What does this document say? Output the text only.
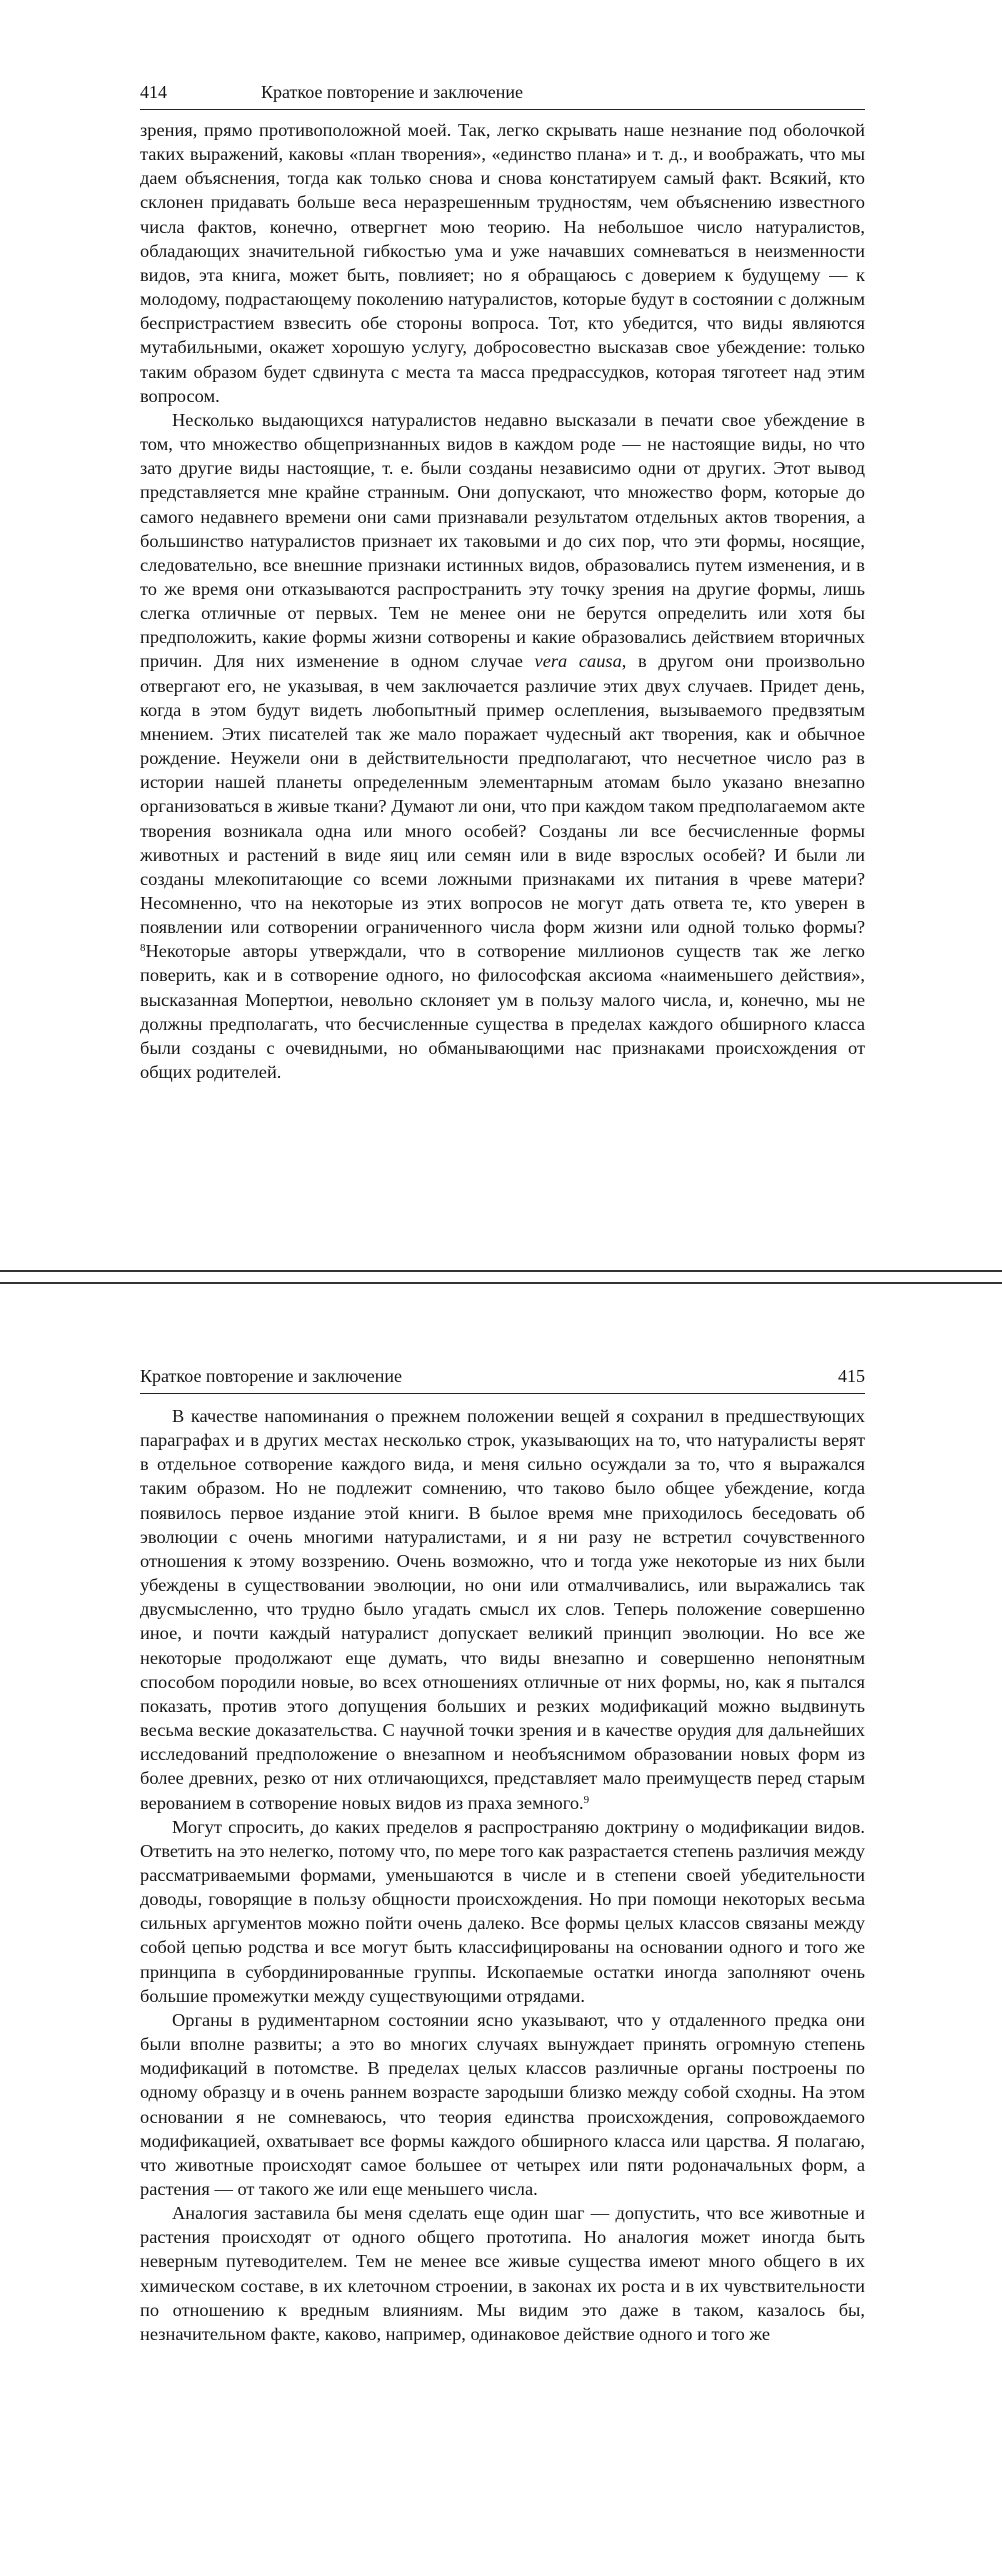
414	Краткое повторение и заключение

зрения, прямо противоположной моей. Так, легко скрывать наше незнание под оболочкой таких выражений, каковы «план творения», «единство плана» и т. д., и воображать, что мы даем объяснения, тогда как только снова и снова констатируем самый факт. Всякий, кто склонен придавать больше веса неразрешенным трудностям, чем объяснению известного числа фактов, конечно, отвергнет мою теорию. На небольшое число натуралистов, обладающих значительной гибкостью ума и уже начавших сомневаться в неизменности видов, эта книга, может быть, повлияет; но я обращаюсь с доверием к будущему — к молодому, подрастающему поколению натуралистов, которые будут в состоянии с должным беспристрастием взвесить обе стороны вопроса. Тот, кто убедится, что виды являются мутабильными, окажет хорошую услугу, добросовестно высказав свое убеждение: только таким образом будет сдвинута с места та масса предрассудков, которая тяготеет над этим вопросом.

Несколько выдающихся натуралистов недавно высказали в печати свое убеждение в том, что множество общепризнанных видов в каждом роде — не настоящие виды, но что зато другие виды настоящие, т. е. были созданы независимо одни от других. Этот вывод представляется мне крайне странным. Они допускают, что множество форм, которые до самого недавнего времени они сами признавали результатом отдельных актов творения, а большинство натуралистов признает их таковыми и до сих пор, что эти формы, носящие, следовательно, все внешние признаки истинных видов, образовались путем изменения, и в то же время они отказываются распространить эту точку зрения на другие формы, лишь слегка отличные от первых. Тем не менее они не берутся определить или хотя бы предположить, какие формы жизни сотворены и какие образовались действием вторичных причин. Для них изменение в одном случае vera causa, в другом они произвольно отвергают его, не указывая, в чем заключается различие этих двух случаев. Придет день, когда в этом будут видеть любопытный пример ослепления, вызываемого предвзятым мнением. Этих писателей так же мало поражает чудесный акт творения, как и обычное рождение. Неужели они в действительности предполагают, что несчетное число раз в истории нашей планеты определенным элементарным атомам было указано внезапно организоваться в живые ткани? Думают ли они, что при каждом таком предполагаемом акте творения возникала одна или много особей? Созданы ли все бесчисленные формы животных и растений в виде яиц или семян или в виде взрослых особей? И были ли созданы млекопитающие со всеми ложными признаками их питания в чреве матери? Несомненно, что на некоторые из этих вопросов не могут дать ответа те, кто уверен в появлении или сотворении ограниченного числа форм жизни или одной только формы? $^8$Некоторые авторы утверждали, что в сотворение миллионов существ так же легко поверить, как и в сотворение одного, но философская аксиома «наименьшего действия», высказанная Мопертюи, невольно склоняет ум в пользу малого числа, и, конечно, мы не должны предполагать, что бесчисленные существа в пределах каждого обширного класса были созданы с очевидными, но обманывающими нас признаками происхождения от общих родителей.

Краткое повторение и заключение	415

В качестве напоминания о прежнем положении вещей я сохранил в предшествующих параграфах и в других местах несколько строк, указывающих на то, что натуралисты верят в отдельное сотворение каждого вида, и меня сильно осуждали за то, что я выражался таким образом. Но не подлежит сомнению, что таково было общее убеждение, когда появилось первое издание этой книги. В былое время мне приходилось беседовать об эволюции с очень многими натуралистами, и я ни разу не встретил сочувственного отношения к этому воззрению. Очень возможно, что и тогда уже некоторые из них были убеждены в существовании эволюции, но они или отмалчивались, или выражались так двусмысленно, что трудно было угадать смысл их слов. Теперь положение совершенно иное, и почти каждый натуралист допускает великий принцип эволюции. Но все же некоторые продолжают еще думать, что виды внезапно и совершенно непонятным способом породили новые, во всех отношениях отличные от них формы, но, как я пытался показать, против этого допущения больших и резких модификаций можно выдвинуть весьма веские доказательства. С научной точки зрения и в качестве орудия для дальнейших исследований предположение о внезапном и необъяснимом образовании новых форм из более древних, резко от них отличающихся, представляет мало преимуществ перед старым верованием в сотворение новых видов из праха земного.$^9$

Могут спросить, до каких пределов я распространяю доктрину о модификации видов. Ответить на это нелегко, потому что, по мере того как разрастается степень различия между рассматриваемыми формами, уменьшаются в числе и в степени своей убедительности доводы, говорящие в пользу общности происхождения. Но при помощи некоторых весьма сильных аргументов можно пойти очень далеко. Все формы целых классов связаны между собой цепью родства и все могут быть классифицированы на основании одного и того же принципа в субординированные группы. Ископаемые остатки иногда заполняют очень большие промежутки между существующими отрядами.

Органы в рудиментарном состоянии ясно указывают, что у отдаленного предка они были вполне развиты; а это во многих случаях вынуждает принять огромную степень модификаций в потомстве. В пределах целых классов различные органы построены по одному образцу и в очень раннем возрасте зародыши близко между собой сходны. На этом основании я не сомневаюсь, что теория единства происхождения, сопровождаемого модификацией, охватывает все формы каждого обширного класса или царства. Я полагаю, что животные происходят самое большее от четырех или пяти родоначальных форм, а растения — от такого же или еще меньшего числа.

Аналогия заставила бы меня сделать еще один шаг — допустить, что все животные и растения происходят от одного общего прототипа. Но аналогия может иногда быть неверным путеводителем. Тем не менее все живые существа имеют много общего в их химическом составе, в их клеточном строении, в законах их роста и в их чувствительности по отношению к вредным влияниям. Мы видим это даже в таком, казалось бы, незначительном факте, каково, например, одинаковое действие одного и того же
